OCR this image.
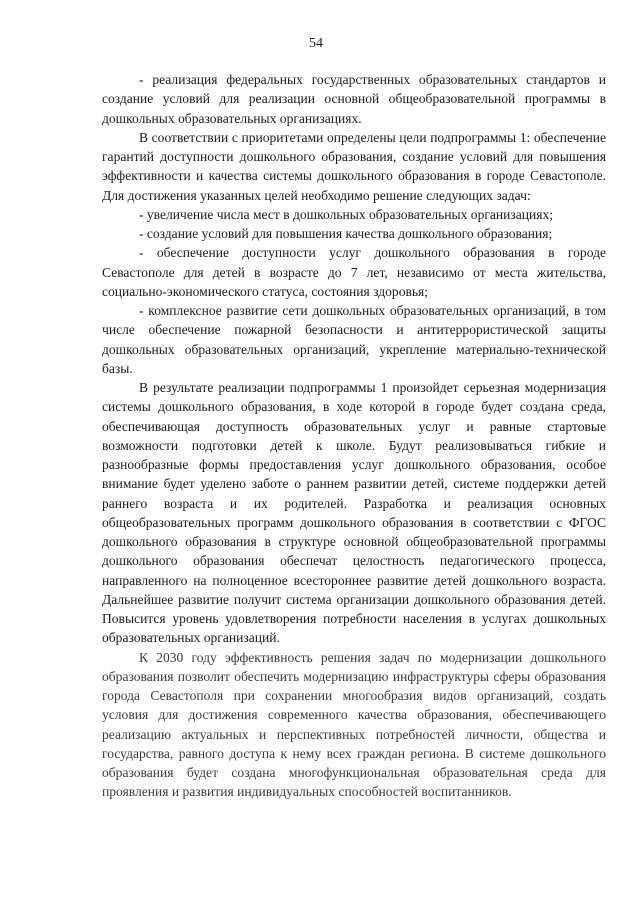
54

- реализация федеральных государственных образовательных стандартов и создание условий для реализации основной общеобразовательной программы в дошкольных образовательных организациях.

В соответствии с приоритетами определены цели подпрограммы 1: обеспечение гарантий доступности дошкольного образования, создание условий для повышения эффективности и качества системы дошкольного образования в городе Севастополе. Для достижения указанных целей необходимо решение следующих задач:

- увеличение числа мест в дошкольных образовательных организациях;

- создание условий для повышения качества дошкольного образования;

- обеспечение доступности услуг дошкольного образования в городе Севастополе для детей в возрасте до 7 лет, независимо от места жительства, социально-экономического статуса, состояния здоровья;

- комплексное развитие сети дошкольных образовательных организаций, в том числе обеспечение пожарной безопасности и антитеррористической защиты дошкольных образовательных организаций, укрепление материально-технической базы.

В результате реализации подпрограммы 1 произойдет серьезная модернизация системы дошкольного образования, в ходе которой в городе будет создана среда, обеспечивающая доступность образовательных услуг и равные стартовые возможности подготовки детей к школе. Будут реализовываться гибкие и разнообразные формы предоставления услуг дошкольного образования, особое внимание будет уделено заботе о раннем развитии детей, системе поддержки детей раннего возраста и их родителей. Разработка и реализация основных общеобразовательных программ дошкольного образования в соответствии с ФГОС дошкольного образования в структуре основной общеобразовательной программы дошкольного образования обеспечат целостность педагогического процесса, направленного на полноценное всестороннее развитие детей дошкольного возраста. Дальнейшее развитие получит система организации дошкольного образования детей. Повысится уровень удовлетворения потребности населения в услугах дошкольных образовательных организаций.

К 2030 году эффективность решения задач по модернизации дошкольного образования позволит обеспечить модернизацию инфраструктуры сферы образования города Севастополя при сохранении многообразия видов организаций, создать условия для достижения современного качества образования, обеспечивающего реализацию актуальных и перспективных потребностей личности, общества и государства, равного доступа к нему всех граждан региона. В системе дошкольного образования будет создана многофункциональная образовательная среда для проявления и развития индивидуальных способностей воспитанников.
